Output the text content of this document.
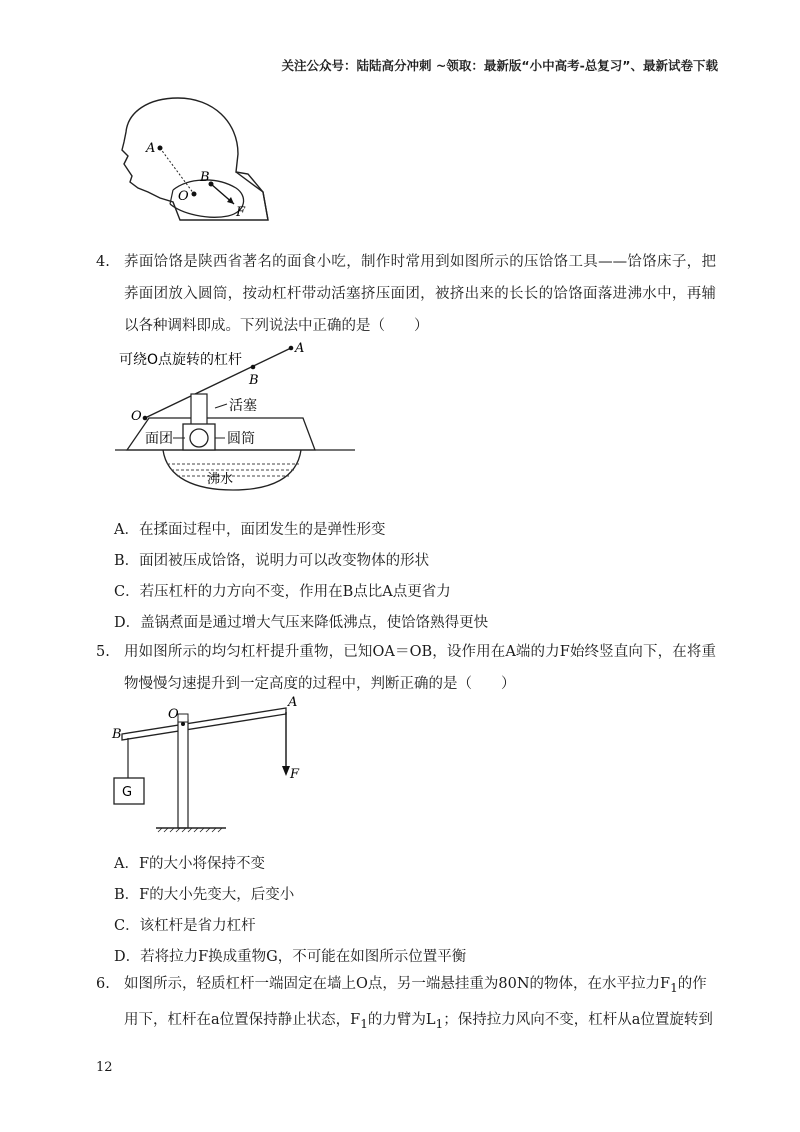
关注公众号：陆陆高分冲刺 ~领取：最新版“小中高考-总复习”、最新试卷下载
A
B
O
F
4. 荞面饸饹是陕西省著名的面食小吃，制作时常用到如图所示的压饸饹工具——饸饹床子，把荞面团放入圆筒，按动杠杆带动活塞挤压面团，被挤出来的长长的饸饹面落进沸水中，再辅以各种调料即成。下列说法中正确的是（　　）
可绕O点旋转的杠杆
A
B
O
活塞
面团	圆筒
沸水
A．在揉面过程中，面团发生的是弹性形变
B．面团被压成饸饹，说明力可以改变物体的形状
C．若压杠杆的力方向不变，作用在B点比A点更省力
D．盖锅煮面是通过增大气压来降低沸点，使饸饹熟得更快
5. 用如图所示的均匀杠杆提升重物，已知OA＝OB，设作用在A端的力F始终竖直向下，在将重物慢慢匀速提升到一定高度的过程中，判断正确的是（　　）
B
O
A
F
G
A．F的大小将保持不变
B．F的大小先变大，后变小
C．该杠杆是省力杠杆
D．若将拉力F换成重物G，不可能在如图所示位置平衡
6. 如图所示，轻质杠杆一端固定在墙上O点，另一端悬挂重为80N的物体，在水平拉力$F_1$的作
用下，杠杆在a位置保持静止状态，$F_1$的力臂为$L_1$；保持拉力风向不变，杠杆从a位置旋转到
12
